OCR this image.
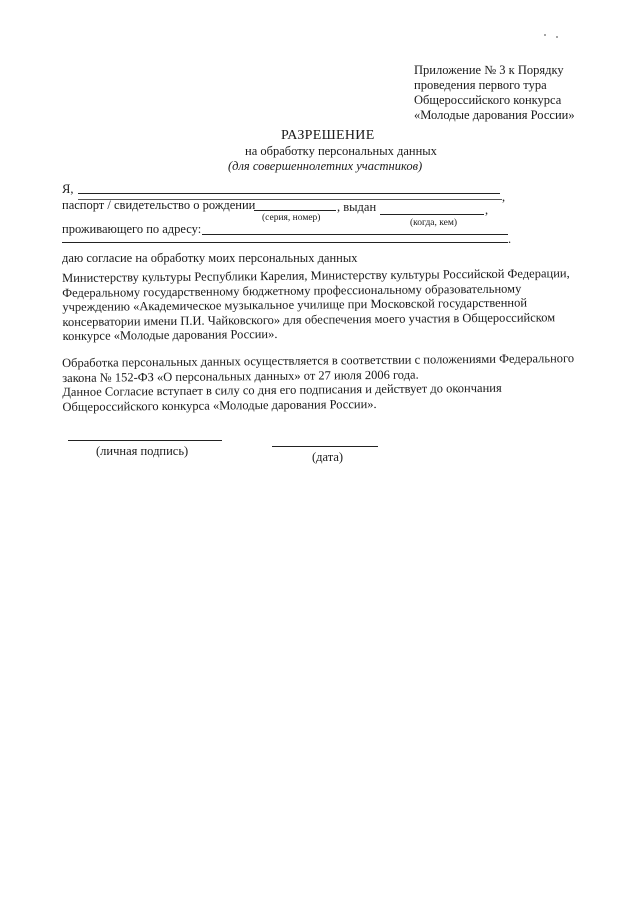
Приложение № 3 к Порядку
проведения первого тура
Общероссийского конкурса
«Молодые дарования России»
РАЗРЕШЕНИЕ
на обработку персональных данных
(для совершеннолетних участников)
Я,
паспорт / свидетельство о рождении	, выдан	,
,
(серия, номер)	(когда, кем)
проживающего по адресу:
.
даю согласие на обработку моих персональных данных
Министерству культуры Республики Карелия, Министерству культуры Российской Федерации,
Федеральному государственному бюджетному профессиональному образовательному
учреждению «Академическое музыкальное училище при Московской государственной
консерватории имени П.И. Чайковского» для обеспечения моего участия в Общероссийском
конкурсе «Молодые дарования России».
Обработка персональных данных осуществляется в соответствии с положениями Федерального
закона № 152-ФЗ «О персональных данных» от 27 июля 2006 года.
Данное Согласие вступает в силу со дня его подписания и действует до окончания
Общероссийского конкурса «Молодые дарования России».
(личная подпись)	(дата)
